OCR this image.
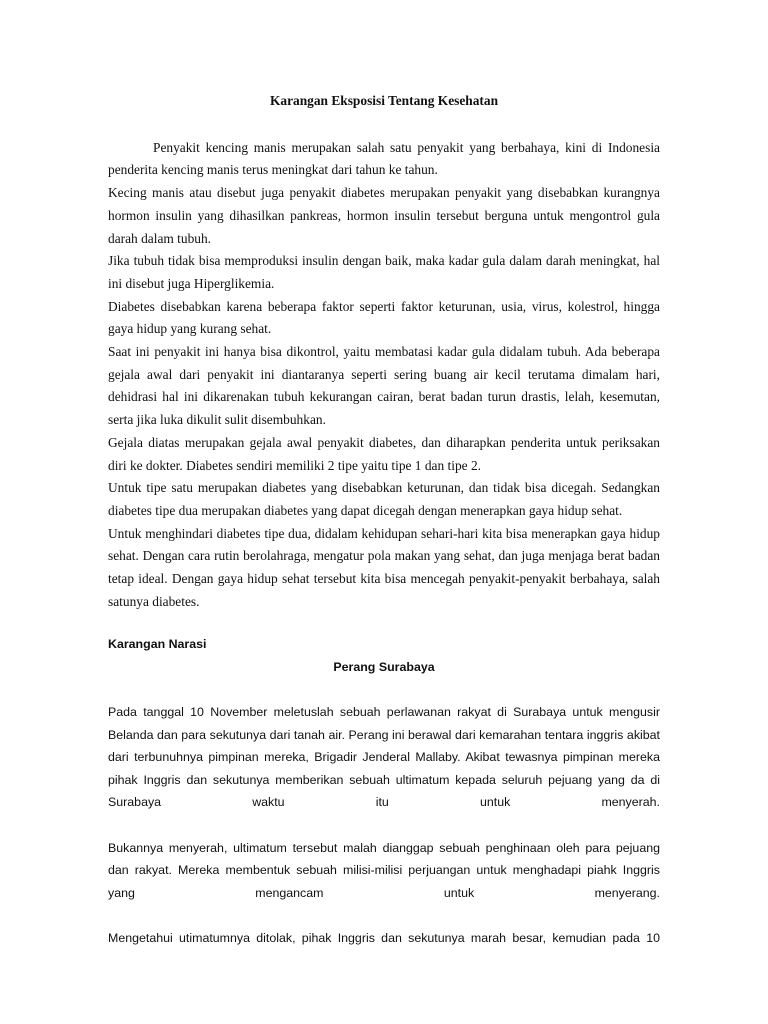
Karangan Eksposisi Tentang Kesehatan

Penyakit kencing manis merupakan salah satu penyakit yang berbahaya, kini di Indonesia penderita kencing manis terus meningkat dari tahun ke tahun.

Kecing manis atau disebut juga penyakit diabetes merupakan penyakit yang disebabkan kurangnya hormon insulin yang dihasilkan pankreas, hormon insulin tersebut berguna untuk mengontrol gula darah dalam tubuh.

Jika tubuh tidak bisa memproduksi insulin dengan baik, maka kadar gula dalam darah meningkat, hal ini disebut juga Hiperglikemia.

Diabetes disebabkan karena beberapa faktor seperti faktor keturunan, usia, virus, kolestrol, hingga gaya hidup yang kurang sehat.

Saat ini penyakit ini hanya bisa dikontrol, yaitu membatasi kadar gula didalam tubuh. Ada beberapa gejala awal dari penyakit ini diantaranya seperti sering buang air kecil terutama dimalam hari, dehidrasi hal ini dikarenakan tubuh kekurangan cairan, berat badan turun drastis, lelah, kesemutan, serta jika luka dikulit sulit disembuhkan.

Gejala diatas merupakan gejala awal penyakit diabetes, dan diharapkan penderita untuk periksakan diri ke dokter. Diabetes sendiri memiliki 2 tipe yaitu tipe 1 dan tipe 2.

Untuk tipe satu merupakan diabetes yang disebabkan keturunan, dan tidak bisa dicegah. Sedangkan diabetes tipe dua merupakan diabetes yang dapat dicegah dengan menerapkan gaya hidup sehat.

Untuk menghindari diabetes tipe dua, didalam kehidupan sehari-hari kita bisa menerapkan gaya hidup sehat. Dengan cara rutin berolahraga, mengatur pola makan yang sehat, dan juga menjaga berat badan tetap ideal. Dengan gaya hidup sehat tersebut kita bisa mencegah penyakit-penyakit berbahaya, salah satunya diabetes.

Karangan Narasi
Perang Surabaya

Pada tanggal 10 November meletuslah sebuah perlawanan rakyat di Surabaya untuk mengusir Belanda dan para sekutunya dari tanah air. Perang ini berawal dari kemarahan tentara inggris akibat dari terbunuhnya pimpinan mereka, Brigadir Jenderal Mallaby. Akibat tewasnya pimpinan mereka pihak Inggris dan sekutunya memberikan sebuah ultimatum kepada seluruh pejuang yang da di Surabaya waktu itu untuk menyerah.

Bukannya menyerah, ultimatum tersebut malah dianggap sebuah penghinaan oleh para pejuang dan rakyat. Mereka membentuk sebuah milisi-milisi perjuangan untuk menghadapi piahk Inggris yang mengancam untuk menyerang.

Mengetahui utimatumnya ditolak, pihak Inggris dan sekutunya marah besar, kemudian pada 10
